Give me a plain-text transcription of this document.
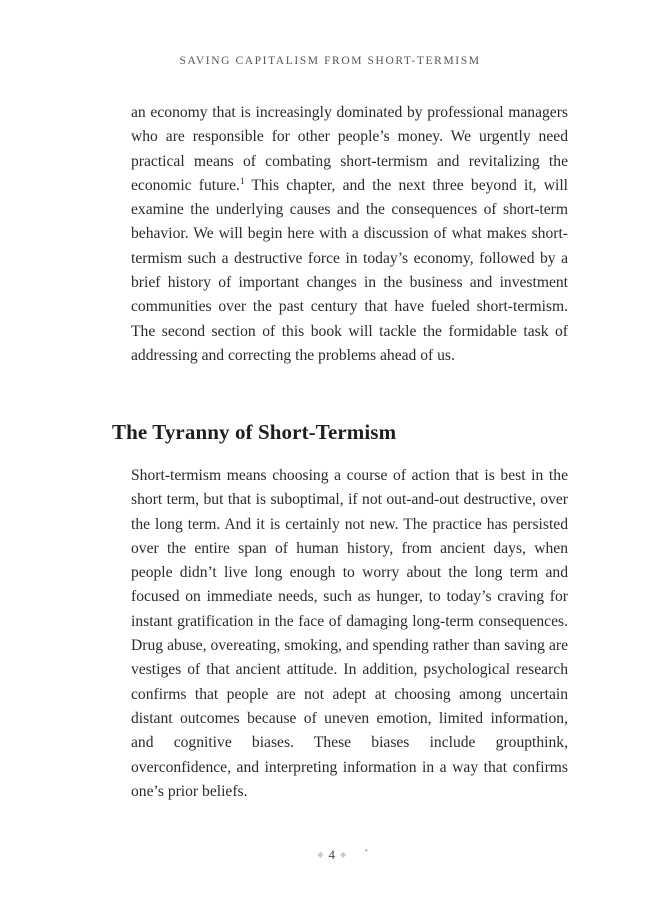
SAVING CAPITALISM FROM SHORT-TERMISM

an economy that is increasingly dominated by professional managers who are responsible for other people’s money. We urgently need practical means of combating short-termism and revitalizing the economic future.$^1$ This chapter, and the next three beyond it, will examine the underlying causes and the consequences of short-term behavior. We will begin here with a discussion of what makes short-termism such a destructive force in today’s economy, followed by a brief history of important changes in the business and investment communities over the past century that have fueled short-termism. The second section of this book will tackle the formidable task of addressing and correcting the problems ahead of us.

The Tyranny of Short-Termism

Short-termism means choosing a course of action that is best in the short term, but that is suboptimal, if not out-and-out destructive, over the long term. And it is certainly not new. The practice has persisted over the entire span of human history, from ancient days, when people didn’t live long enough to worry about the long term and focused on immediate needs, such as hunger, to today’s craving for instant gratification in the face of damaging long-term consequences. Drug abuse, overeating, smoking, and spending rather than saving are vestiges of that ancient attitude. In addition, psychological research confirms that people are not adept at choosing among uncertain distant outcomes because of uneven emotion, limited information, and cognitive biases. These biases include groupthink, overconfidence, and interpreting information in a way that confirms one’s prior beliefs.

◆ 4 ◆	•
